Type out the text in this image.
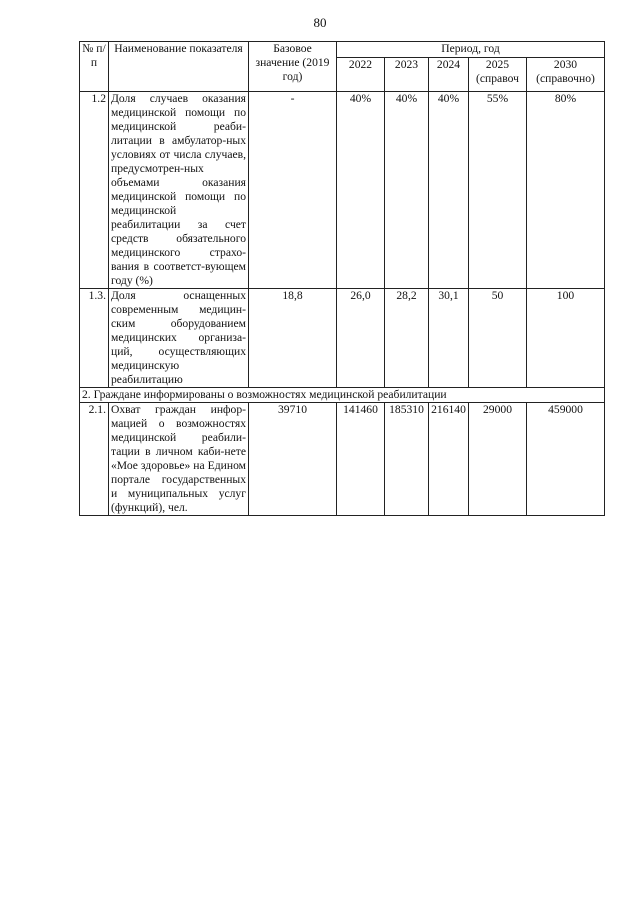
80
№ п/п	Наименование показателя	Базовое значение (2019 год)	Период, год				
			2022	2023	2024	2025 (справоч	2030 (справочно)
1.2	Доля случаев оказания медицинской помощи по медицинской реаби-литации в амбулатор-ных условиях от числа случаев, предусмотрен-ных объемами оказания медицинской помощи по медицинской реабилитации за счет средств обязательного медицинского страхо-вания в соответст-вующем году (%)	-	40%	40%	40%	55%	80%
1.3.	Доля оснащенных современным медицин-ским оборудованием медицинских организа-ций, осуществляющих медицинскую реабилитацию	18,8	26,0	28,2	30,1	50	100
2. Граждане информированы о возможностях медицинской реабилитации							
2.1.	Охват граждан инфор-мацией о возможностях медицинской реабили-тации в личном каби-нете «Мое здоровье» на Едином портале государственных и муниципальных услуг (функций), чел.	39710	141460	185310	216140	29000	459000
